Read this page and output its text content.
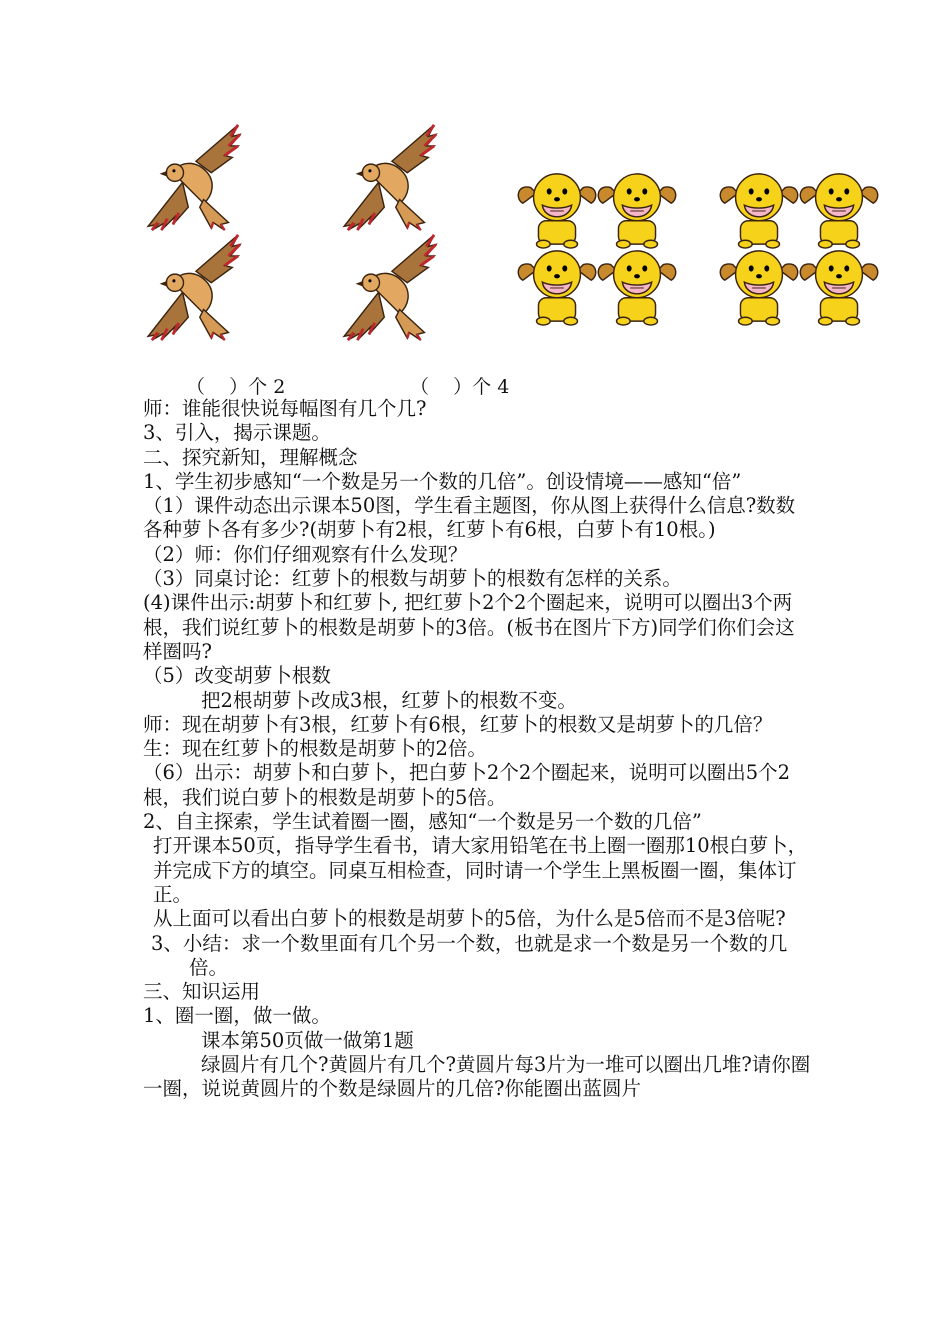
（    ）个 2	（    ）个 4

师：谁能很快说每幅图有几个几?

3、引入，揭示课题。

二、探究新知，理解概念

1、学生初步感知“一个数是另一个数的几倍”。创设情境——感知“倍”

（1）课件动态出示课本50图，学生看主题图，你从图上获得什么信息?数数各种萝卜各有多少?(胡萝卜有2根，红萝卜有6根，白萝卜有10根。)

（2）师：你们仔细观察有什么发现？

（3）同桌讨论：红萝卜的根数与胡萝卜的根数有怎样的关系。

(4)课件出示:胡萝卜和红萝卜, 把红萝卜2个2个圈起来，说明可以圈出3个两根，我们说红萝卜的根数是胡萝卜的3倍。(板书在图片下方)同学们你们会这样圈吗?

（5）改变胡萝卜根数

把2根胡萝卜改成3根，红萝卜的根数不变。

师：现在胡萝卜有3根，红萝卜有6根，红萝卜的根数又是胡萝卜的几倍？

生：现在红萝卜的根数是胡萝卜的2倍。

（6）出示：胡萝卜和白萝卜，把白萝卜2个2个圈起来，说明可以圈出5个2根，我们说白萝卜的根数是胡萝卜的5倍。

2、自主探索，学生试着圈一圈，感知“一个数是另一个数的几倍”

打开课本50页，指导学生看书，请大家用铅笔在书上圈一圈那10根白萝卜，并完成下方的填空。同桌互相检查，同时请一个学生上黑板圈一圈，集体订正。

从上面可以看出白萝卜的根数是胡萝卜的5倍，为什么是5倍而不是3倍呢?

3、小结：求一个数里面有几个另一个数，也就是求一个数是另一个数的几倍。

三、知识运用

1、圈一圈，做一做。

课本第50页做一做第1题

绿圆片有几个?黄圆片有几个?黄圆片每3片为一堆可以圈出几堆?请你圈一圈，说说黄圆片的个数是绿圆片的几倍?你能圈出蓝圆片
